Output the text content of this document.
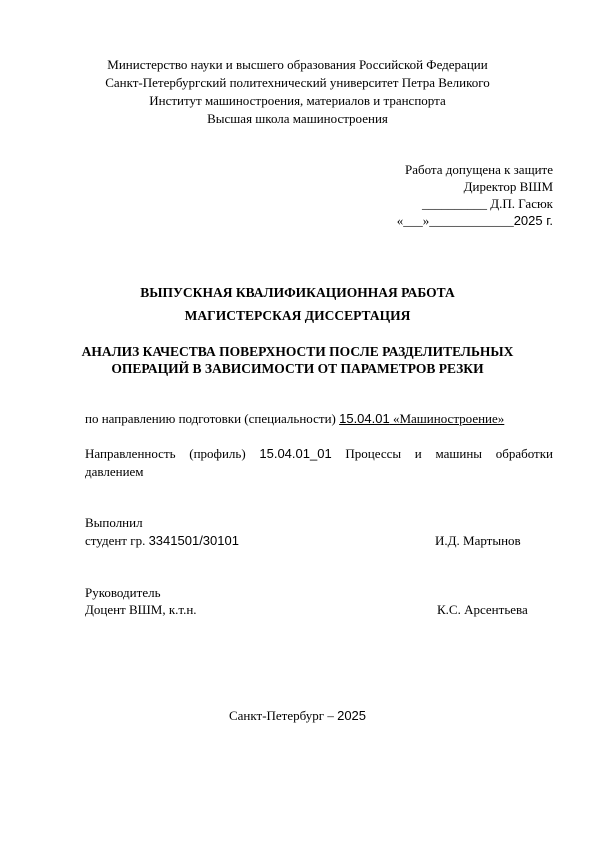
Министерство науки и высшего образования Российской Федерации
Санкт-Петербургский политехнический университет Петра Великого
Институт машиностроения, материалов и транспорта
Высшая школа машиностроения
Работа допущена к защите
Директор ВШМ
__________ Д.П. Гасюк
«___»_____________2025 г.
ВЫПУСКНАЯ КВАЛИФИКАЦИОННАЯ РАБОТА
МАГИСТЕРСКАЯ ДИССЕРТАЦИЯ
АНАЛИЗ КАЧЕСТВА ПОВЕРХНОСТИ ПОСЛЕ РАЗДЕЛИТЕЛЬНЫХ
ОПЕРАЦИЙ В ЗАВИСИМОСТИ ОТ ПАРАМЕТРОВ РЕЗКИ
по направлению подготовки (специальности) 15.04.01 «Машиностроение»
Направленность (профиль) 15.04.01_01 Процессы и машины обработки
давлением
Выполнил
студент гр. 3341501/30101	И.Д. Мартынов
Руководитель
Доцент ВШМ, к.т.н.	К.С. Арсентьева
Санкт-Петербург – 2025
